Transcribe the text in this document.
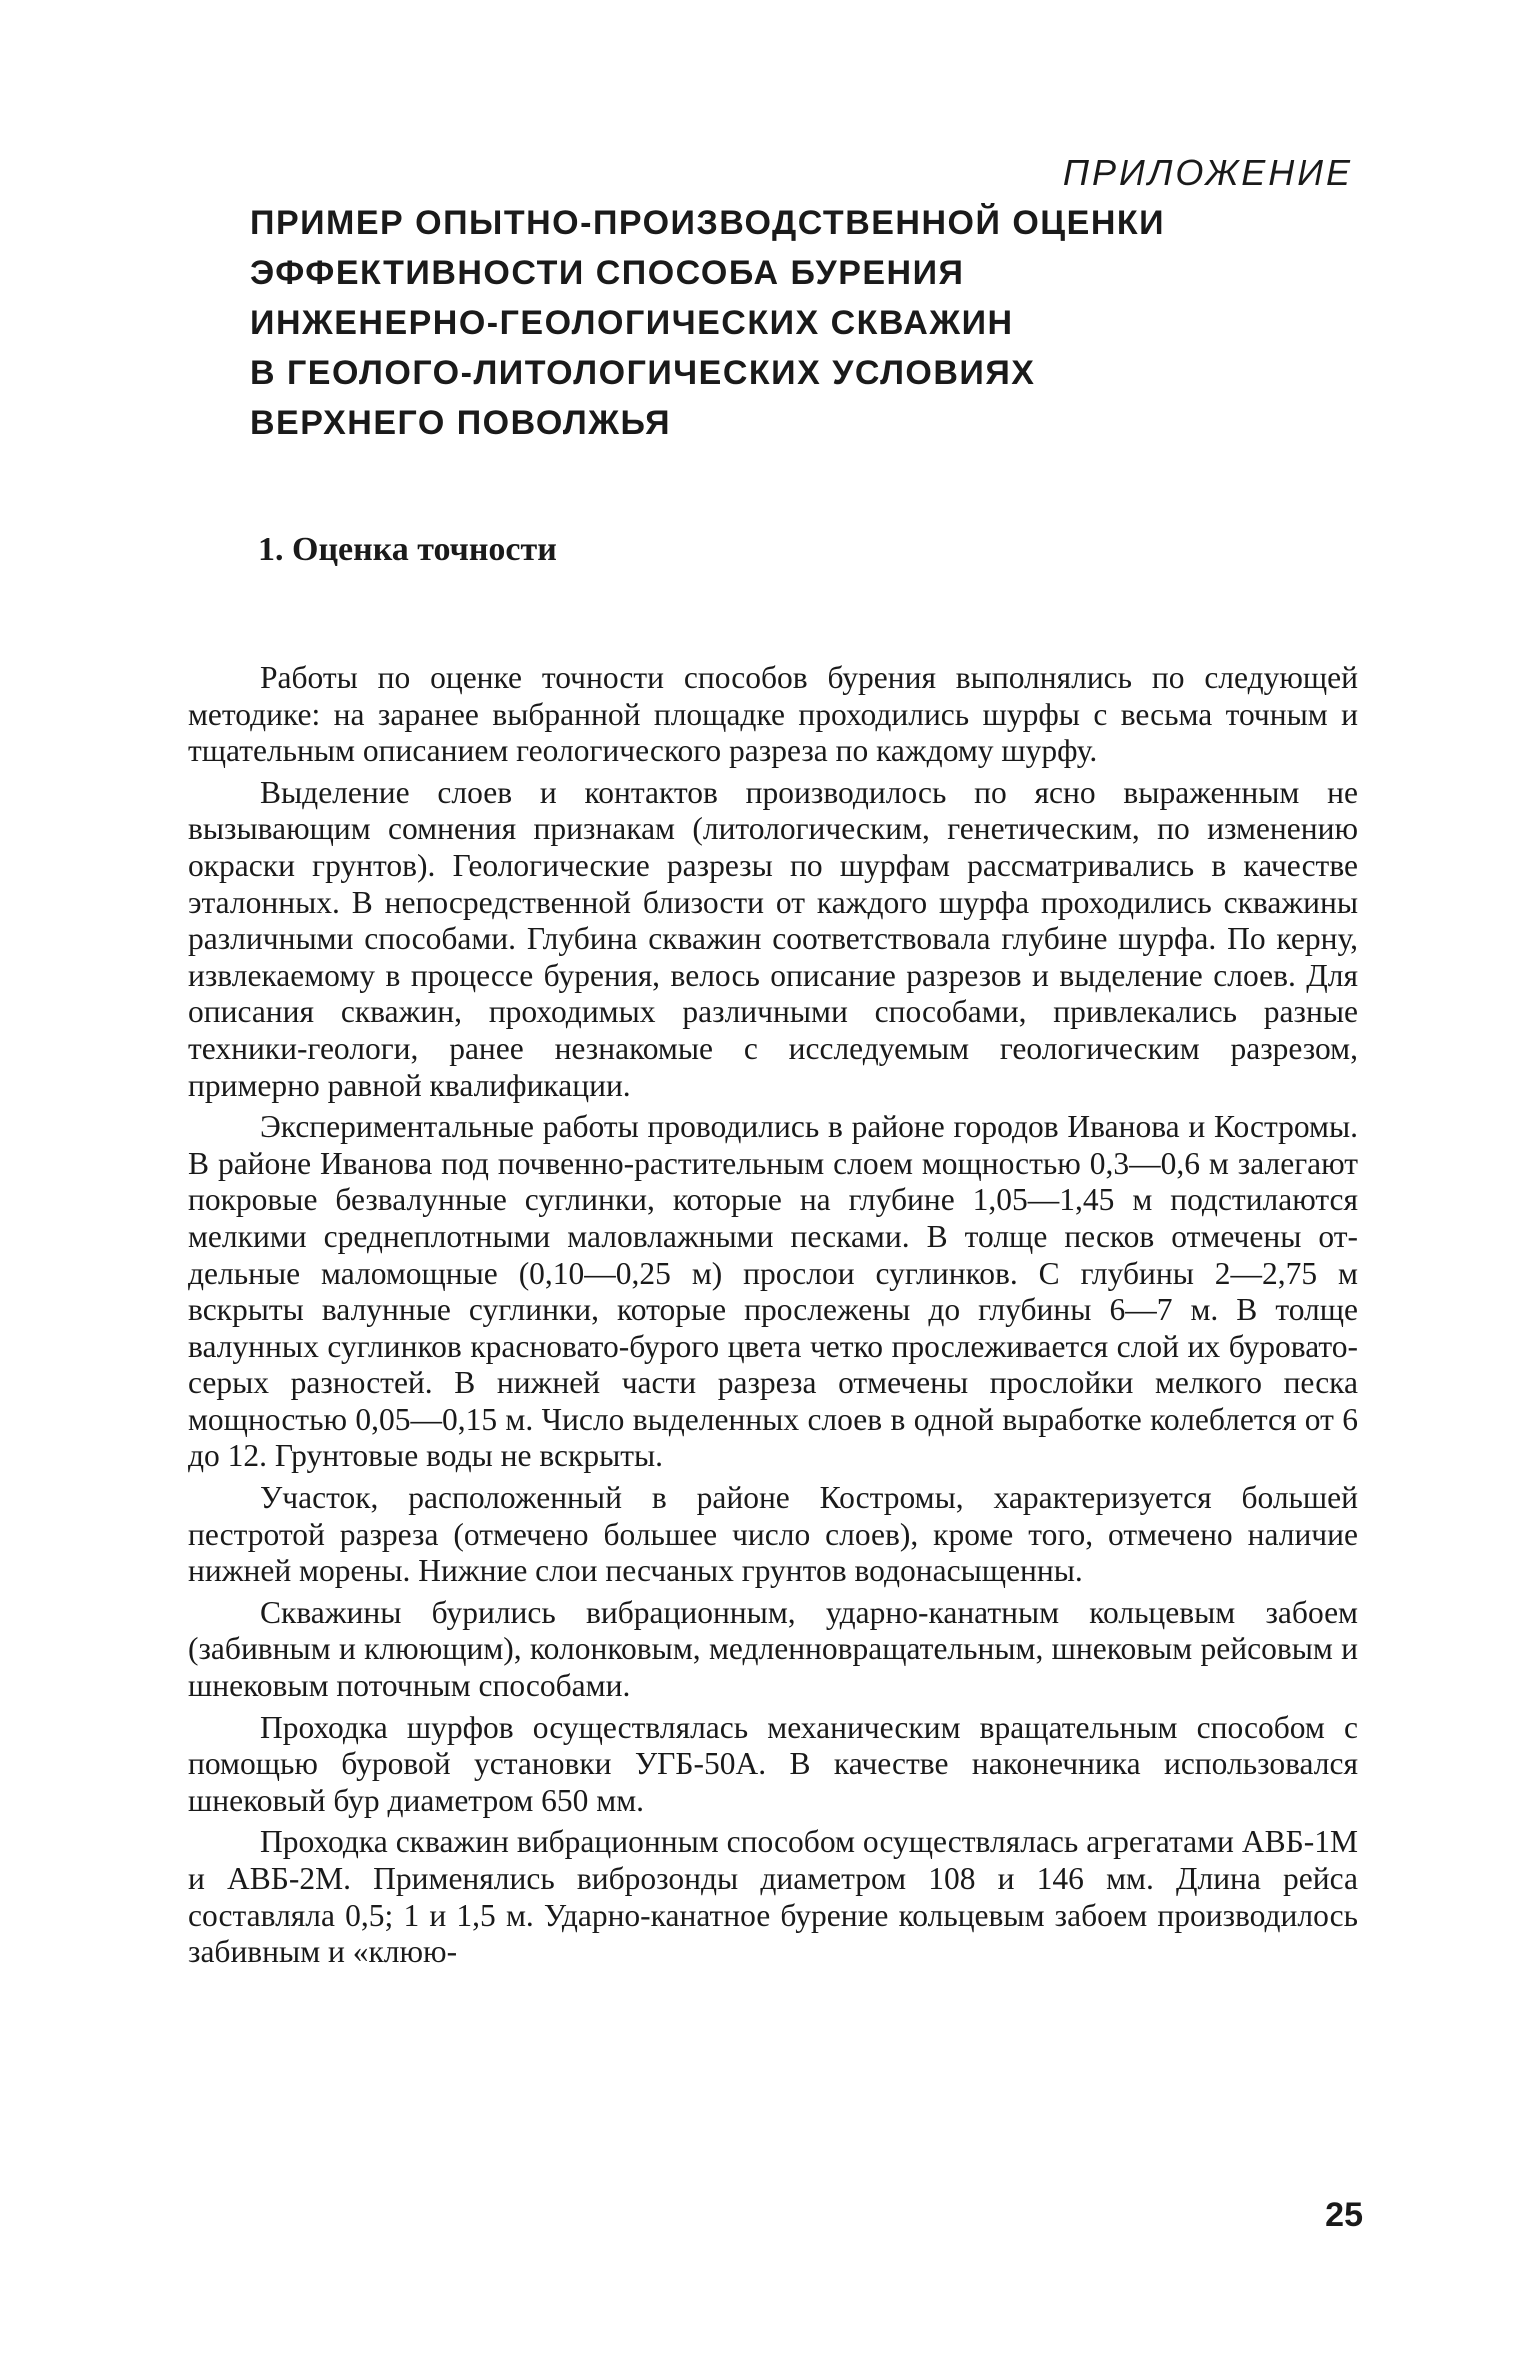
ПРИЛОЖЕНИЕ

ПРИМЕР ОПЫТНО-ПРОИЗВОДСТВЕННОЙ ОЦЕНКИ
ЭФФЕКТИВНОСТИ СПОСОБА БУРЕНИЯ
ИНЖЕНЕРНО-ГЕОЛОГИЧЕСКИХ СКВАЖИН
В ГЕОЛОГО-ЛИТОЛОГИЧЕСКИХ УСЛОВИЯХ
ВЕРХНЕГО ПОВОЛЖЬЯ
1. Оценка точности

Работы по оценке точности способов бурения выполнялись по следующей методике: на заранее выбранной площадке проходились шурфы с весьма точным и тщательным описанием геологического разреза по каждому шурфу.

Выделение слоев и контактов производилось по ясно выраженным не вызывающим сомнения признакам (литологическим, генетическим, по изменению окраски грунтов). Геологические разрезы по шурфам рассматривались в качестве эталонных. В непосредственной близости от каждого шурфа проходились скважины различными способами. Глубина скважин соответствовала глубине шурфа. По керну, извлекаемому в процессе бурения, велось описание разрезов и выделение слоев. Для описания скважин, проходимых различными способами, привлекались разные техники-геологи, ранее незнакомые с исследуемым геологическим разрезом, примерно равной квалификации.

Экспериментальные работы проводились в районе городов Иванова и Костромы. В районе Иванова под почвенно-растительным слоем мощностью 0,3—0,6 м залегают покровые безвалунные суглинки, которые на глубине 1,05—1,45 м подстилаются мелкими среднеплотными маловлажными песками. В толще песков отмечены отдельные маломощные (0,10—0,25 м) прослои суглинков. С глубины 2—2,75 м вскрыты валунные суглинки, которые прослежены до глубины 6—7 м. В толще валунных суглинков красновато-бурого цвета четко прослеживается слой их буровато-серых разностей. В нижней части разреза отмечены прослойки мелкого песка мощностью 0,05—0,15 м. Число выделенных слоев в одной выработке колеблется от 6 до 12. Грунтовые воды не вскрыты.

Участок, расположенный в районе Костромы, характеризуется большей пестротой разреза (отмечено большее число слоев), кроме того, отмечено наличие нижней морены. Нижние слои песчаных грунтов водонасыщенны.

Скважины бурились вибрационным, ударно-канатным кольцевым забоем (забивным и клюющим), колонковым, медленновращательным, шнековым рейсовым и шнековым поточным способами.

Проходка шурфов осуществлялась механическим вращательным способом с помощью буровой установки УГБ-50А. В качестве наконечника использовался шнековый бур диаметром 650 мм.

Проходка скважин вибрационным способом осуществлялась агрегатами АВБ-1М и АВБ-2М. Применялись виброзонды диаметром 108 и 146 мм. Длина рейса составляла 0,5; 1 и 1,5 м. Ударно-канатное бурение кольцевым забоем производилось забивным и «клюю-

25
